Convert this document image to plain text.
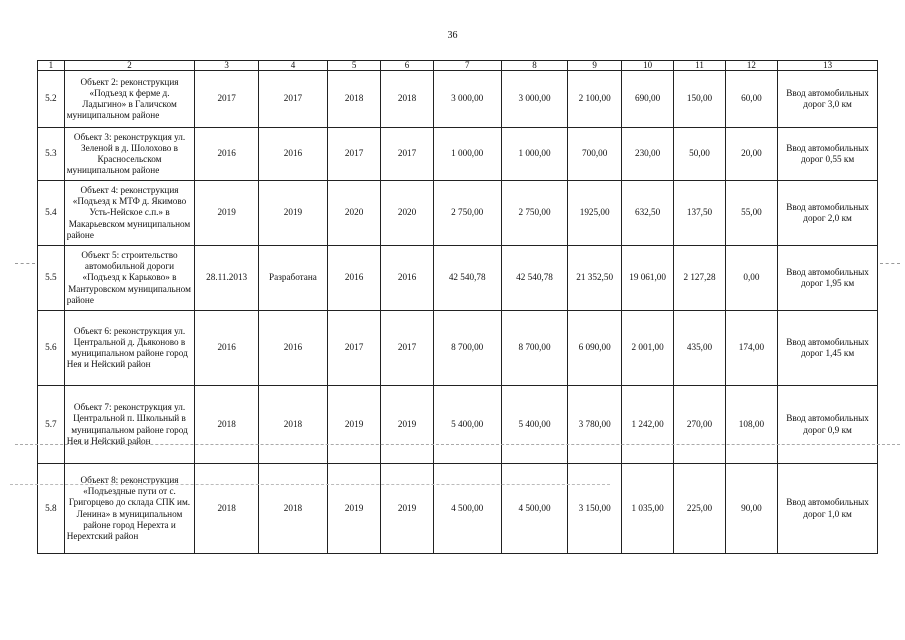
36
1	2	3	4	5	6	7	8	9	10	11	12	13
5.2	Объект 2: реконструкция «Подъезд к ферме д. Ладыгино» в Галичском муниципальном районе	2017	2017	2018	2018	3 000,00	3 000,00	2 100,00	690,00	150,00	60,00	Ввод автомобильных дорог 3,0 км
5.3	Объект 3: реконструкция ул. Зеленой в д. Шолохово в Красносельском муниципальном районе	2016	2016	2017	2017	1 000,00	1 000,00	700,00	230,00	50,00	20,00	Ввод автомобильных дорог 0,55 км
5.4	Объект 4: реконструкция «Подъезд к МТФ д. Якимово Усть-Нейское с.п.» в Макарьевском муниципальном районе	2019	2019	2020	2020	2 750,00	2 750,00	1925,00	632,50	137,50	55,00	Ввод автомобильных дорог 2,0 км
5.5	Объект 5: строительство автомобильной дороги «Подъезд к Карьково» в Мантуровском муниципальном районе	28.11.2013	Разработана	2016	2016	42 540,78	42 540,78	21 352,50	19 061,00	2 127,28	0,00	Ввод автомобильных дорог 1,95 км
5.6	Объект 6: реконструкция ул. Центральной д. Дьяконово в муниципальном районе город Нея и Нейский район	2016	2016	2017	2017	8 700,00	8 700,00	6 090,00	2 001,00	435,00	174,00	Ввод автомобильных дорог 1,45 км
5.7	Объект 7: реконструкция ул. Центральной п. Школьный в муниципальном районе город Нея и Нейский район	2018	2018	2019	2019	5 400,00	5 400,00	3 780,00	1 242,00	270,00	108,00	Ввод автомобильных дорог 0,9 км
5.8	Объект 8: реконструкция «Подъездные пути от с. Григорцево до склада СПК им. Ленина» в муниципальном районе город Нерехта и Нерехтский район	2018	2018	2019	2019	4 500,00	4 500,00	3 150,00	1 035,00	225,00	90,00	Ввод автомобильных дорог 1,0 км
